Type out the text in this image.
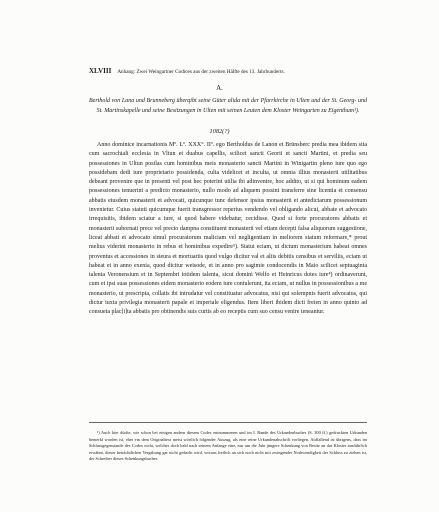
XLVIII Anhang: Zwei Weingartner Codices aus der zweiten Hälfte des 13. Jahrhunderts.
A.
Berthold von Lana und Brunneberg überqibt seine Güter alida mit der Pfarrkirche in Ulten und der St. Georg- und St. Martinskapelle und seine Besitzungen in Ulten mit seinen Leuten dem Kloster Weingarten zu Eigenthum¹).
1082(?)

Anno dominice incarnationis Mº. Lº. XXX°. IIº. ego Bertholdus de Lanon et Brūnsberc predia mea ibidem sita cum sacrochiali ecclesia in Vltun et duabus capellis, scilicet sancti Georii et sancti Martini, et predia seu possessiones in Ultun posilas cum hominibus meis monasterio sancti Martini in Winigartin pleno iure quo ego possidebam dedi iure proprietario possidenda, culta videlicet et inculta, ut omnia illius monasterii utilitatibus debeant provenire que in presenti vel post hec poterint utilia ibi adinvenire, hoc addito, ut si qui hominum eadem possessiones tenuerint a predicto monasterio, nullo modo ad aliquem possint transferre sine licentia et consensu abbatis eiusdem monasterii et advocati, quicunque tunc defensor ipsius monasterii et antedictarum possessionum invenietur. Cuius statuti quicumque fuerit transgressor reperius vendendo vel obligando alicui, abbate et advocato irrequisitis, ibidem sciatur a iure, si quod habere videbatur, cecidisse. Quod si forte procuratores abbatis et monasterii subornati prece vel precio dampna constituent monasterii vel etiam decepti falsa aliquorum suggestione, liceat abbati et advocato simul procuratorum maliciam vel negligentiam in meliorem statum reformare,* prout melius viderint monasterio in rebus et hominibus expedire⁵). Statui eciam, ut dictum monasterium habeat omnes proventus et accessiones in steura et mortuariis quod vulgo dicitur val et aliis debitis censibus et serviliis, eciam ut habeat et in anno exenia, quod dicitur weisode, et in anno pro sagimie condocendis in Maio scilicet septuaginta talenta Veronensium et in Septembri totidem talenta, sicut domini Welfo et Heinricus dotes iure⁴) ordinaverunt, cum et ipsi suas possessiones eidem monasterio eodem iure contulerunt, ita eciam, ut nullus in possessionibus a me monasterio, ut prescripta, collatis ibi intrudatur vel constituatur advocatus, nisi qui solempnis fuerit advocatus, qui dictur iuxta privilegia monasterii papale et imperiale eligendus. Item liberi ibidem dicti freien in anno quinto ad consueta plac[i]ta abbatis pro obtinendis suis curtis ab eo receptis cum suo censu venire teneantur.

¹) Auch hier dürfte, wie schon bei einigen andern diesem Codex entnommenen und im I. Bande des Urkundenbuches (S. 300 ff.) gedruckten Urkunden bemerkt worden ist, eher ein dem Originaltext meist wörtlich folgender Auszug, als eine reine Urkundenabschrift vorliegen. Auffallend ist übrigens, dass im Schlussgegenstande des Codex nicht, welches doch bald nach seinem Anfange eine, nur um die Jahr jüngere Schenkung von Besitz an das Kloster ausführlich erwähnt, dieser beträchtlichen Vergabung gar nicht gedacht wird, woraus freilich an sich noch nicht mit zwingender Nothwendigkeit der Schluss zu ziehen ist, der Schreiber dieses Schenkungsbuches
